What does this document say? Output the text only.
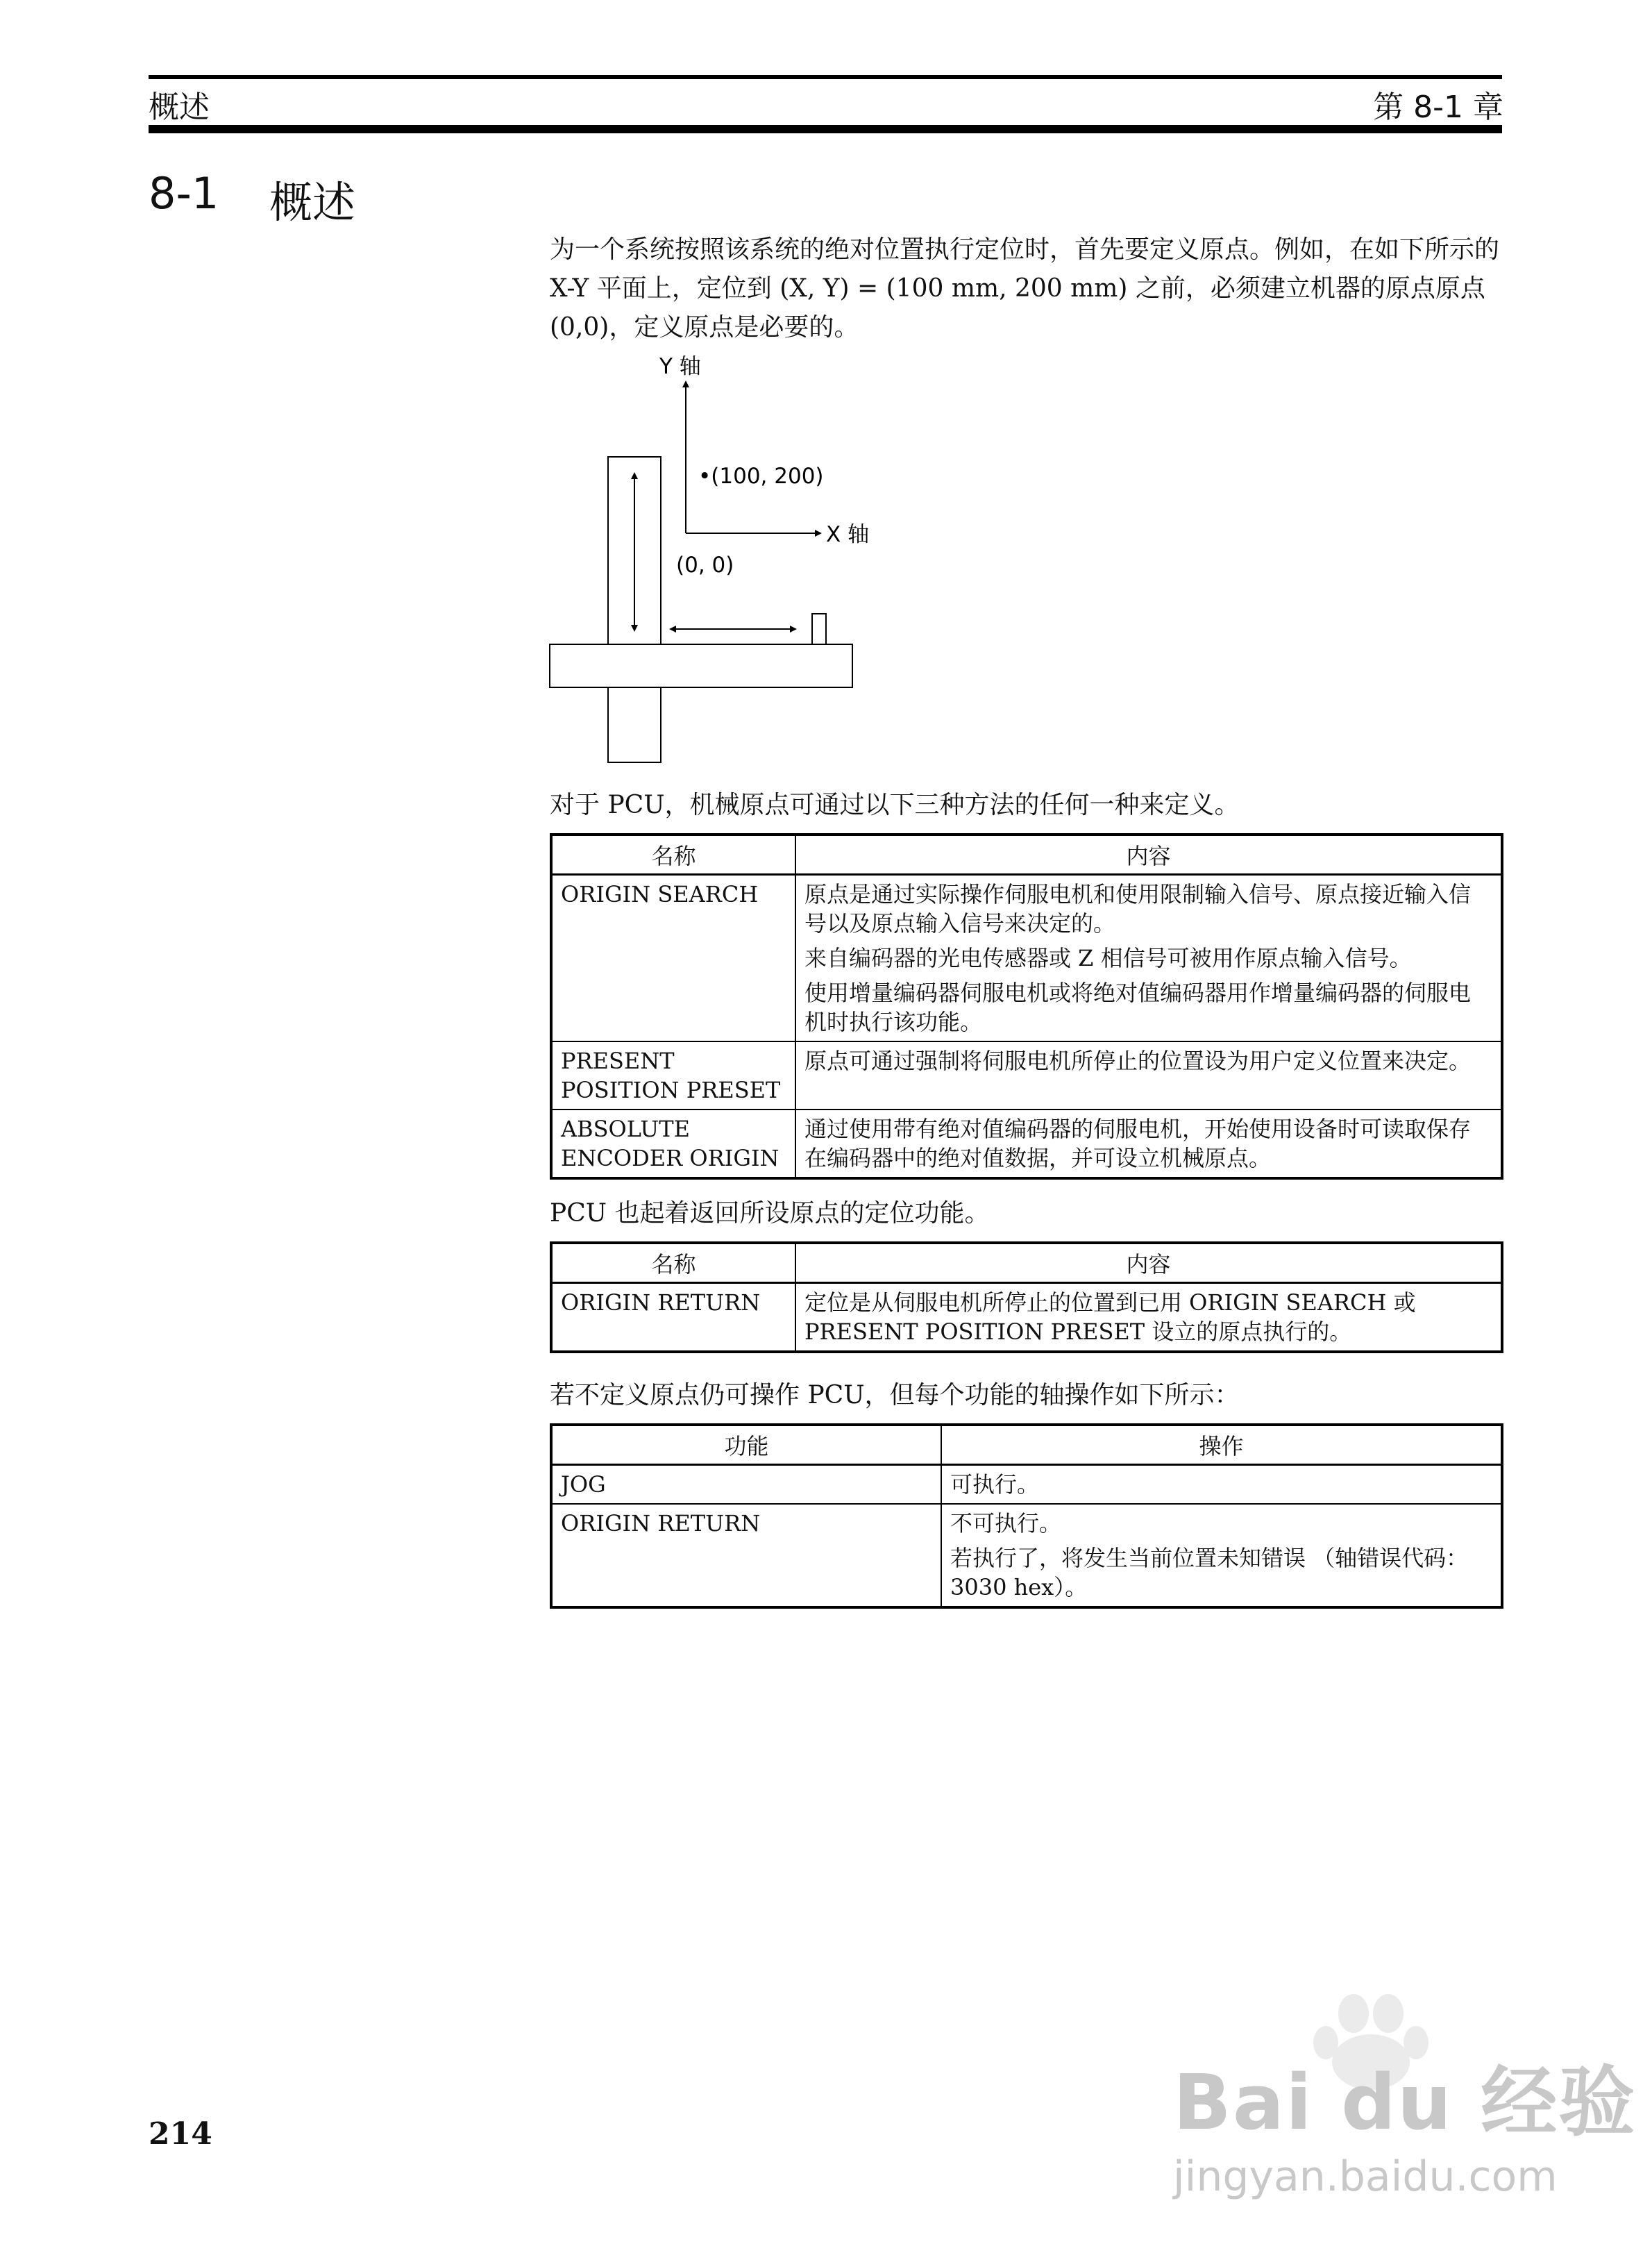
概述	第 8-1 章
8-1 概述
为一个系统按照该系统的绝对位置执行定位时，首先要定义原点。例如，在如下所示的 X-Y 平面上，定位到 (X, Y) = (100 mm, 200 mm) 之前，必须建立机器的原点原点 (0,0)，定义原点是必要的。
Y 轴
X 轴
•(100, 200)
(0, 0)
对于 PCU，机械原点可通过以下三种方法的任何一种来定义。
名称	内容
ORIGIN SEARCH	原点是通过实际操作伺服电机和使用限制输入信号、原点接近输入信号以及原点输入信号来决定的。
来自编码器的光电传感器或 Z 相信号可被用作原点输入信号。
使用增量编码器伺服电机或将绝对值编码器用作增量编码器的伺服电机时执行该功能。

PRESENT POSITION PRESET	原点可通过强制将伺服电机所停止的位置设为用户定义位置来决定。

ABSOLUTE ENCODER ORIGIN	通过使用带有绝对值编码器的伺服电机，开始使用设备时可读取保存在编码器中的绝对值数据，并可设立机械原点。
PCU 也起着返回所设原点的定位功能。
名称	内容
ORIGIN RETURN	定位是从伺服电机所停止的位置到已用 ORIGIN SEARCH 或 PRESENT POSITION PRESET 设立的原点执行的。
若不定义原点仍可操作 PCU，但每个功能的轴操作如下所示：
功能	操作
JOG	可执行。

ORIGIN RETURN	不可执行。
若执行了，将发生当前位置未知错误 （轴错误代码：3030 hex）。
214	Bai du 经验
jingyan.baidu.com
